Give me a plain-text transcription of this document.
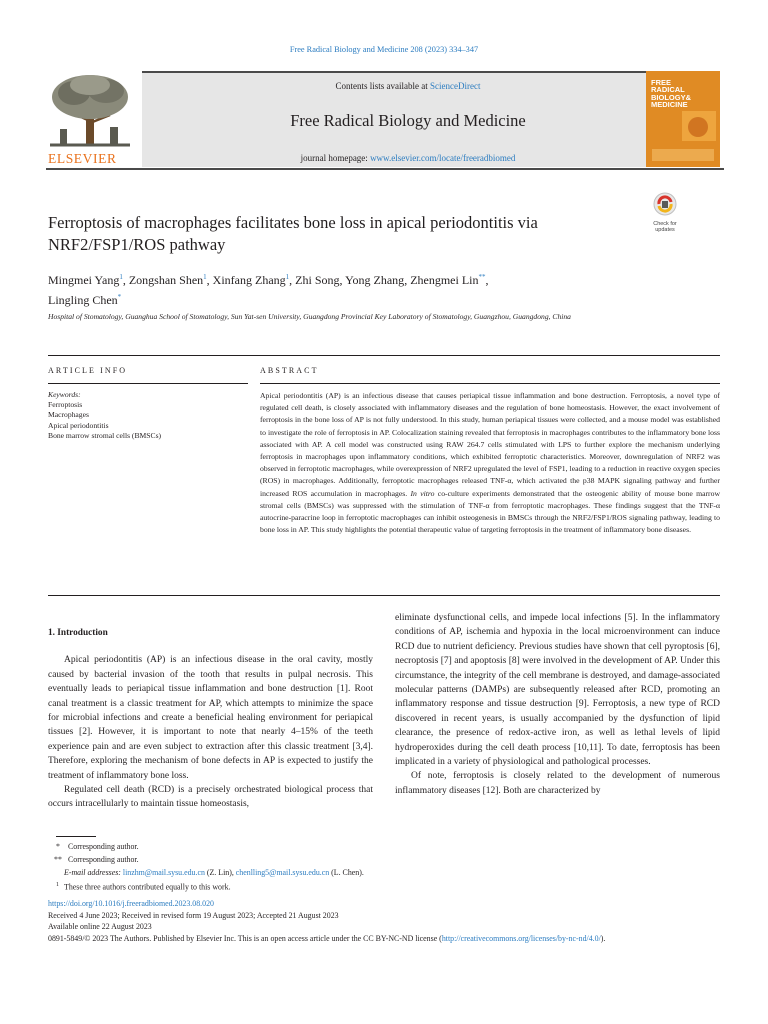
Free Radical Biology and Medicine 208 (2023) 334–347
ELSEVIER
Contents lists available at ScienceDirect
Free Radical Biology and Medicine
journal homepage: www.elsevier.com/locate/freeradbiomed
FREE
RADICAL
BIOLOGY&
MEDICINE
Ferroptosis of macrophages facilitates bone loss in apical periodontitis via NRF2/FSP1/ROS pathway
Check for updates
Mingmei Yang$^1$, Zongshan Shen$^1$, Xinfang Zhang$^1$, Zhi Song, Yong Zhang, Zhengmei Lin**,
Lingling Chen*
Hospital of Stomatology, Guanghua School of Stomatology, Sun Yat-sen University, Guangdong Provincial Key Laboratory of Stomatology, Guangzhou, Guangdong, China
ARTICLE INFO	ABSTRACT
Keywords:
Ferroptosis
Macrophages
Apical periodontitis
Bone marrow stromal cells (BMSCs)
Apical periodontitis (AP) is an infectious disease that causes periapical tissue inflammation and bone destruction. Ferroptosis, a novel type of regulated cell death, is closely associated with inflammatory diseases and the regulation of bone homeostasis. However, the exact involvement of ferroptosis in the bone loss of AP is not fully understood. In this study, human periapical tissues were collected, and a mouse model was established to investigate the role of ferroptosis in AP. Colocalization staining revealed that ferroptosis in macrophages contributes to the inflammatory bone loss associated with AP. A cell model was constructed using RAW 264.7 cells stimulated with LPS to further explore the mechanism underlying ferroptosis in macrophages upon inflammatory conditions, which exhibited ferroptotic characteristics. Moreover, downregulation of NRF2 was observed in ferroptotic macrophages, while overexpression of NRF2 upregulated the level of FSP1, leading to a reduction in reactive oxygen species (ROS) in macrophages. Additionally, ferroptotic macrophages released TNF-α, which activated the p38 MAPK signaling pathway and further increased ROS accumulation in macrophages. In vitro co-culture experiments demonstrated that the osteogenic ability of mouse bone marrow stromal cells (BMSCs) was suppressed with the stimulation of TNF-α from ferroptotic macrophages. These findings suggest that the TNF-α autocrine-paracrine loop in ferroptotic macrophages can inhibit osteogenesis in BMSCs through the NRF2/FSP1/ROS signaling pathway, leading to bone loss in AP. This study highlights the potential therapeutic value of targeting ferroptosis in the treatment of inflammatory bone diseases.

1. Introduction

Apical periodontitis (AP) is an infectious disease in the oral cavity, mostly caused by bacterial invasion of the tooth that results in pulpal necrosis. This eventually leads to periapical tissue inflammation and bone destruction [1]. Root canal treatment is a classic treatment for AP, which attempts to minimize the space for microbial infections and create a beneficial healing environment for periapical tissues [2]. However, it is important to note that nearly 4–15% of the teeth experience pain and are even subject to extraction after this classic treatment [3,4]. Therefore, exploring the mechanism of bone defects in AP is expected to justify the treatment of inflammatory bone loss.

Regulated cell death (RCD) is a precisely orchestrated biological process that occurs intracellularly to maintain tissue homeostasis,

eliminate dysfunctional cells, and impede local infections [5]. In the inflammatory conditions of AP, ischemia and hypoxia in the local microenvironment can induce RCD due to nutrient deficiency. Previous studies have shown that cell pyroptosis [6], necroptosis [7] and apoptosis [8] were involved in the development of AP. Under this circumstance, the integrity of the cell membrane is destroyed, and damage-associated molecular patterns (DAMPs) are subsequently released after RCD, promoting an inflammatory response and tissue destruction [9]. Ferroptosis, a new type of RCD discovered in recent years, is usually accompanied by the dysfunction of lipid clearance, the presence of redox-active iron, as well as lethal levels of lipid hydroperoxides during the cell death process [10,11]. To date, ferroptosis has been implicated in a variety of physiological and pathological processes.

Of note, ferroptosis is closely related to the development of numerous inflammatory diseases [12]. Both are characterized by

* Corresponding author.
** Corresponding author.
E-mail addresses: linzhm@mail.sysu.edu.cn (Z. Lin), chenlling5@mail.sysu.edu.cn (L. Chen).
$^1$ These three authors contributed equally to this work.
https://doi.org/10.1016/j.freeradbiomed.2023.08.020
Received 4 June 2023; Received in revised form 19 August 2023; Accepted 21 August 2023
Available online 22 August 2023
0891-5849/© 2023 The Authors. Published by Elsevier Inc. This is an open access article under the CC BY-NC-ND license (http://creativecommons.org/licenses/by-nc-nd/4.0/).
